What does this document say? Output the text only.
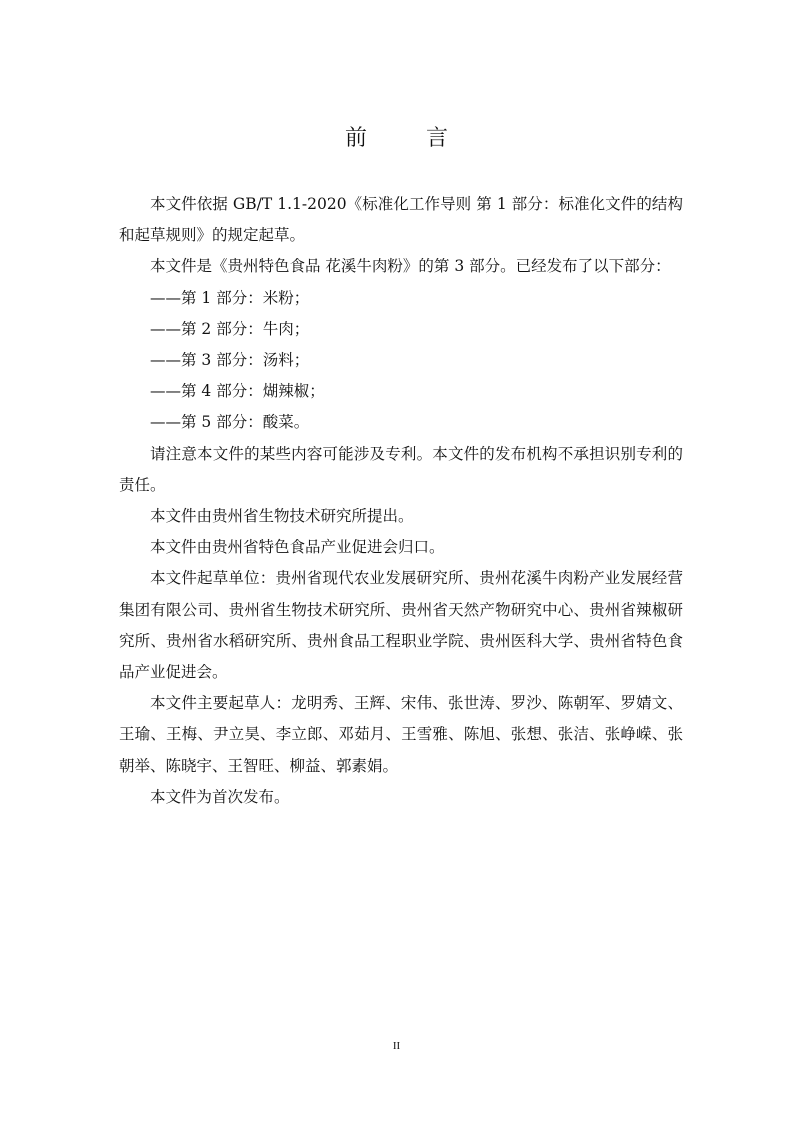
前 言

本文件依据 GB/T 1.1-2020《标准化工作导则 第 1 部分：标准化文件的结构和起草规则》的规定起草。

本文件是《贵州特色食品 花溪牛肉粉》的第 3 部分。已经发布了以下部分：

——第 1 部分：米粉；

——第 2 部分：牛肉；

——第 3 部分：汤料；

——第 4 部分：煳辣椒；

——第 5 部分：酸菜。

请注意本文件的某些内容可能涉及专利。本文件的发布机构不承担识别专利的责任。

本文件由贵州省生物技术研究所提出。

本文件由贵州省特色食品产业促进会归口。

本文件起草单位：贵州省现代农业发展研究所、贵州花溪牛肉粉产业发展经营集团有限公司、贵州省生物技术研究所、贵州省天然产物研究中心、贵州省辣椒研究所、贵州省水稻研究所、贵州食品工程职业学院、贵州医科大学、贵州省特色食品产业促进会。

本文件主要起草人：龙明秀、王辉、宋伟、张世涛、罗沙、陈朝军、罗婧文、王瑜、王梅、尹立昊、李立郎、邓茹月、王雪雅、陈旭、张想、张洁、张峥嵘、张朝举、陈晓宇、王智旺、柳益、郭素娟。

本文件为首次发布。

II
